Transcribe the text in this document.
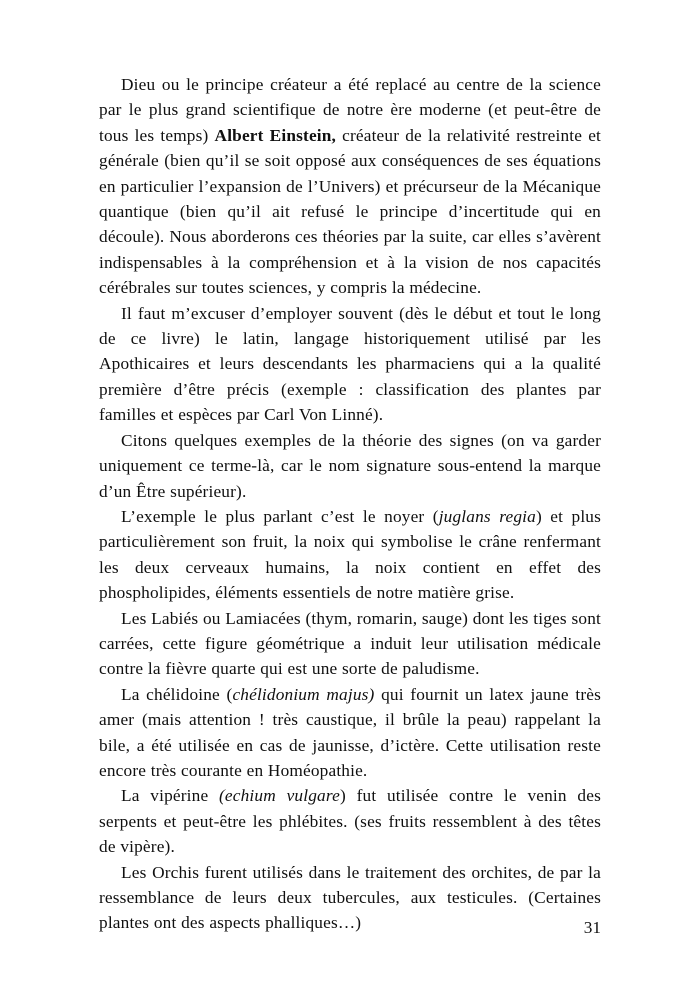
Dieu ou le principe créateur a été replacé au centre de la science par le plus grand scientifique de notre ère moderne (et peut-être de tous les temps) Albert Einstein, créateur de la relativité restreinte et générale (bien qu’il se soit opposé aux conséquences de ses équations en particulier l’expansion de l’Univers) et précurseur de la Mécanique quantique (bien qu’il ait refusé le principe d’incertitude qui en découle). Nous aborderons ces théories par la suite, car elles s’avèrent indispensables à la compréhension et à la vision de nos capacités cérébrales sur toutes sciences, y compris la médecine.

Il faut m’excuser d’employer souvent (dès le début et tout le long de ce livre) le latin, langage historiquement utilisé par les Apothicaires et leurs descendants les pharmaciens qui a la qualité première d’être précis (exemple : classification des plantes par familles et espèces par Carl Von Linné).

Citons quelques exemples de la théorie des signes (on va garder uniquement ce terme-là, car le nom signature sous-entend la marque d’un Être supérieur).

L’exemple le plus parlant c’est le noyer (juglans regia) et plus particulièrement son fruit, la noix qui symbolise le crâne renfermant les deux cerveaux humains, la noix contient en effet des phospholipides, éléments essentiels de notre matière grise.

Les Labiés ou Lamiacées (thym, romarin, sauge) dont les tiges sont carrées, cette figure géométrique a induit leur utilisation médicale contre la fièvre quarte qui est une sorte de paludisme.

La chélidoine (chélidonium majus) qui fournit un latex jaune très amer (mais attention ! très caustique, il brûle la peau) rappelant la bile, a été utilisée en cas de jaunisse, d’ictère. Cette utilisation reste encore très courante en Homéopathie.

La vipérine (echium vulgare) fut utilisée contre le venin des serpents et peut-être les phlébites. (ses fruits ressemblent à des têtes de vipère).

Les Orchis furent utilisés dans le traitement des orchites, de par la ressemblance de leurs deux tubercules, aux testicules. (Certaines plantes ont des aspects phalliques…)	31
